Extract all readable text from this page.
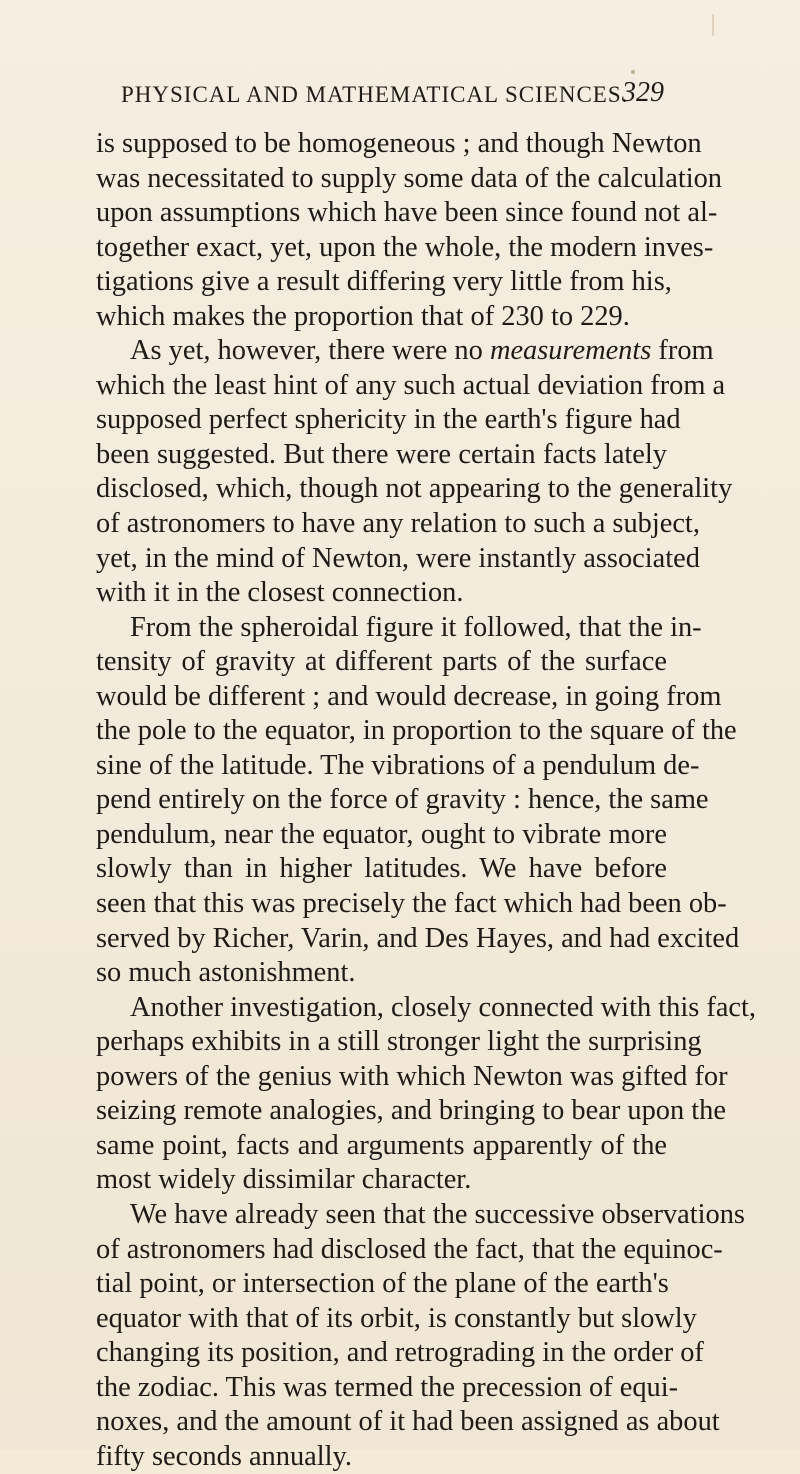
PHYSICAL AND MATHEMATICAL SCIENCES.
329
is supposed to be homogeneous ; and though Newton
was necessitated to supply some data of the calculation
upon assumptions which have been since found not al-
together exact, yet, upon the whole, the modern inves-
tigations give a result differing very little from his,
which makes the proportion that of 230 to 229.
As yet, however, there were no measurements from
which the least hint of any such actual deviation from a
supposed perfect sphericity in the earth's figure had
been suggested. But there were certain facts lately
disclosed, which, though not appearing to the generality
of astronomers to have any relation to such a subject,
yet, in the mind of Newton, were instantly associated
with it in the closest connection.
From the spheroidal figure it followed, that the in-
tensity of gravity at different parts of the surface
would be different ; and would decrease, in going from
the pole to the equator, in proportion to the square of the
sine of the latitude. The vibrations of a pendulum de-
pend entirely on the force of gravity : hence, the same
pendulum, near the equator, ought to vibrate more
slowly than in higher latitudes. We have before
seen that this was precisely the fact which had been ob-
served by Richer, Varin, and Des Hayes, and had excited
so much astonishment.
Another investigation, closely connected with this fact,
perhaps exhibits in a still stronger light the surprising
powers of the genius with which Newton was gifted for
seizing remote analogies, and bringing to bear upon the
same point, facts and arguments apparently of the
most widely dissimilar character.
We have already seen that the successive observations
of astronomers had disclosed the fact, that the equinoc-
tial point, or intersection of the plane of the earth's
equator with that of its orbit, is constantly but slowly
changing its position, and retrograding in the order of
the zodiac. This was termed the precession of equi-
noxes, and the amount of it had been assigned as about
fifty seconds annually.
